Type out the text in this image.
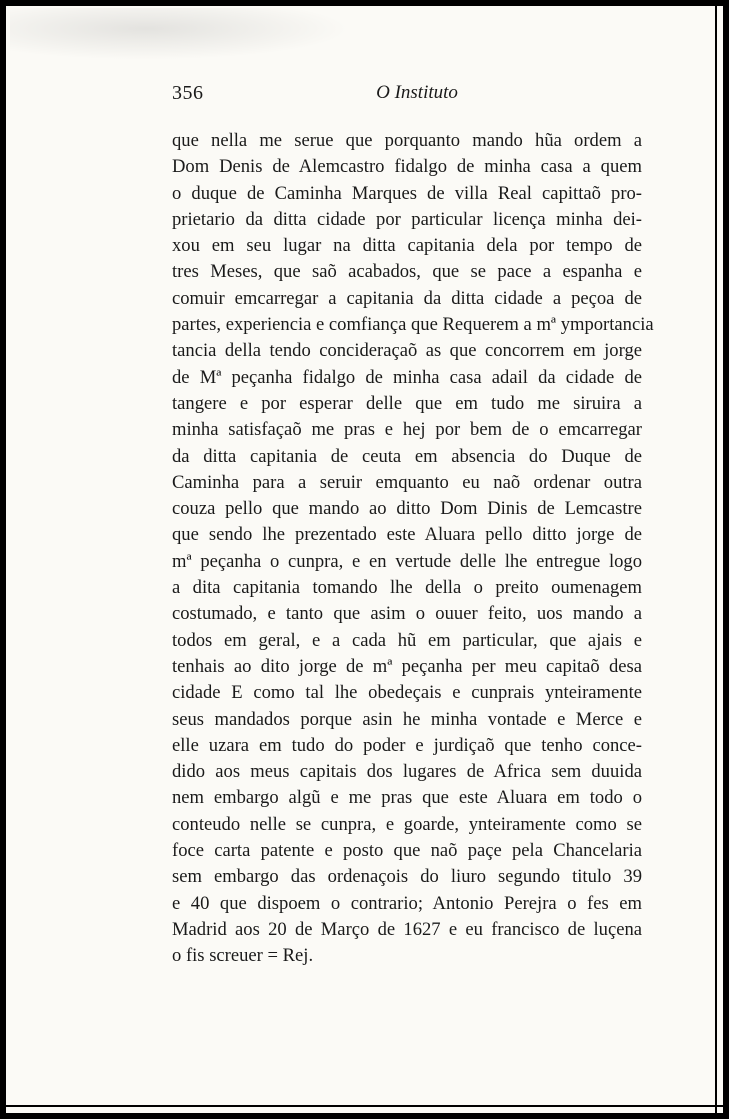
356	O Instituto
que nella me serue que porquanto mando hũa ordem a
Dom Denis de Alemcastro fidalgo de minha casa a quem
o duque de Caminha Marques de villa Real capittaõ pro-
prietario da ditta cidade por particular licença minha dei-
xou em seu lugar na ditta capitania dela por tempo de
tres Meses, que saõ acabados, que se pace a espanha e
comuir emcarregar a capitania da ditta cidade a peçoa de
partes, experiencia e comfiança que Requerem a mª ymportancia
tancia della tendo concideraçaõ as que concorrem em jorge
de Mª peçanha fidalgo de minha casa adail da cidade de
tangere e por esperar delle que em tudo me siruira a
minha satisfaçaõ me pras e hej por bem de o emcarregar
da ditta capitania de ceuta em absencia do Duque de
Caminha para a seruir emquanto eu naõ ordenar outra
couza pello que mando ao ditto Dom Dinis de Lemcastre
que sendo lhe prezentado este Aluara pello ditto jorge de
mª peçanha o cunpra, e en vertude delle lhe entregue logo
a dita capitania tomando lhe della o preito oumenagem
costumado, e tanto que asim o ouuer feito, uos mando a
todos em geral, e a cada hũ em particular, que ajais e
tenhais ao dito jorge de mª peçanha per meu capitaõ desa
cidade E como tal lhe obedeçais e cunprais ynteiramente
seus mandados porque asin he minha vontade e Merce e
elle uzara em tudo do poder e jurdiçaõ que tenho conce-
dido aos meus capitais dos lugares de Africa sem duuida
nem embargo algũ e me pras que este Aluara em todo o
conteudo nelle se cunpra, e goarde, ynteiramente como se
foce carta patente e posto que naõ paçe pela Chancelaria
sem embargo das ordenaçois do liuro segundo titulo 39
e 40 que dispoem o contrario; Antonio Perejra o fes em
Madrid aos 20 de Março de 1627 e eu francisco de luçena
o fis screuer = Rej.
